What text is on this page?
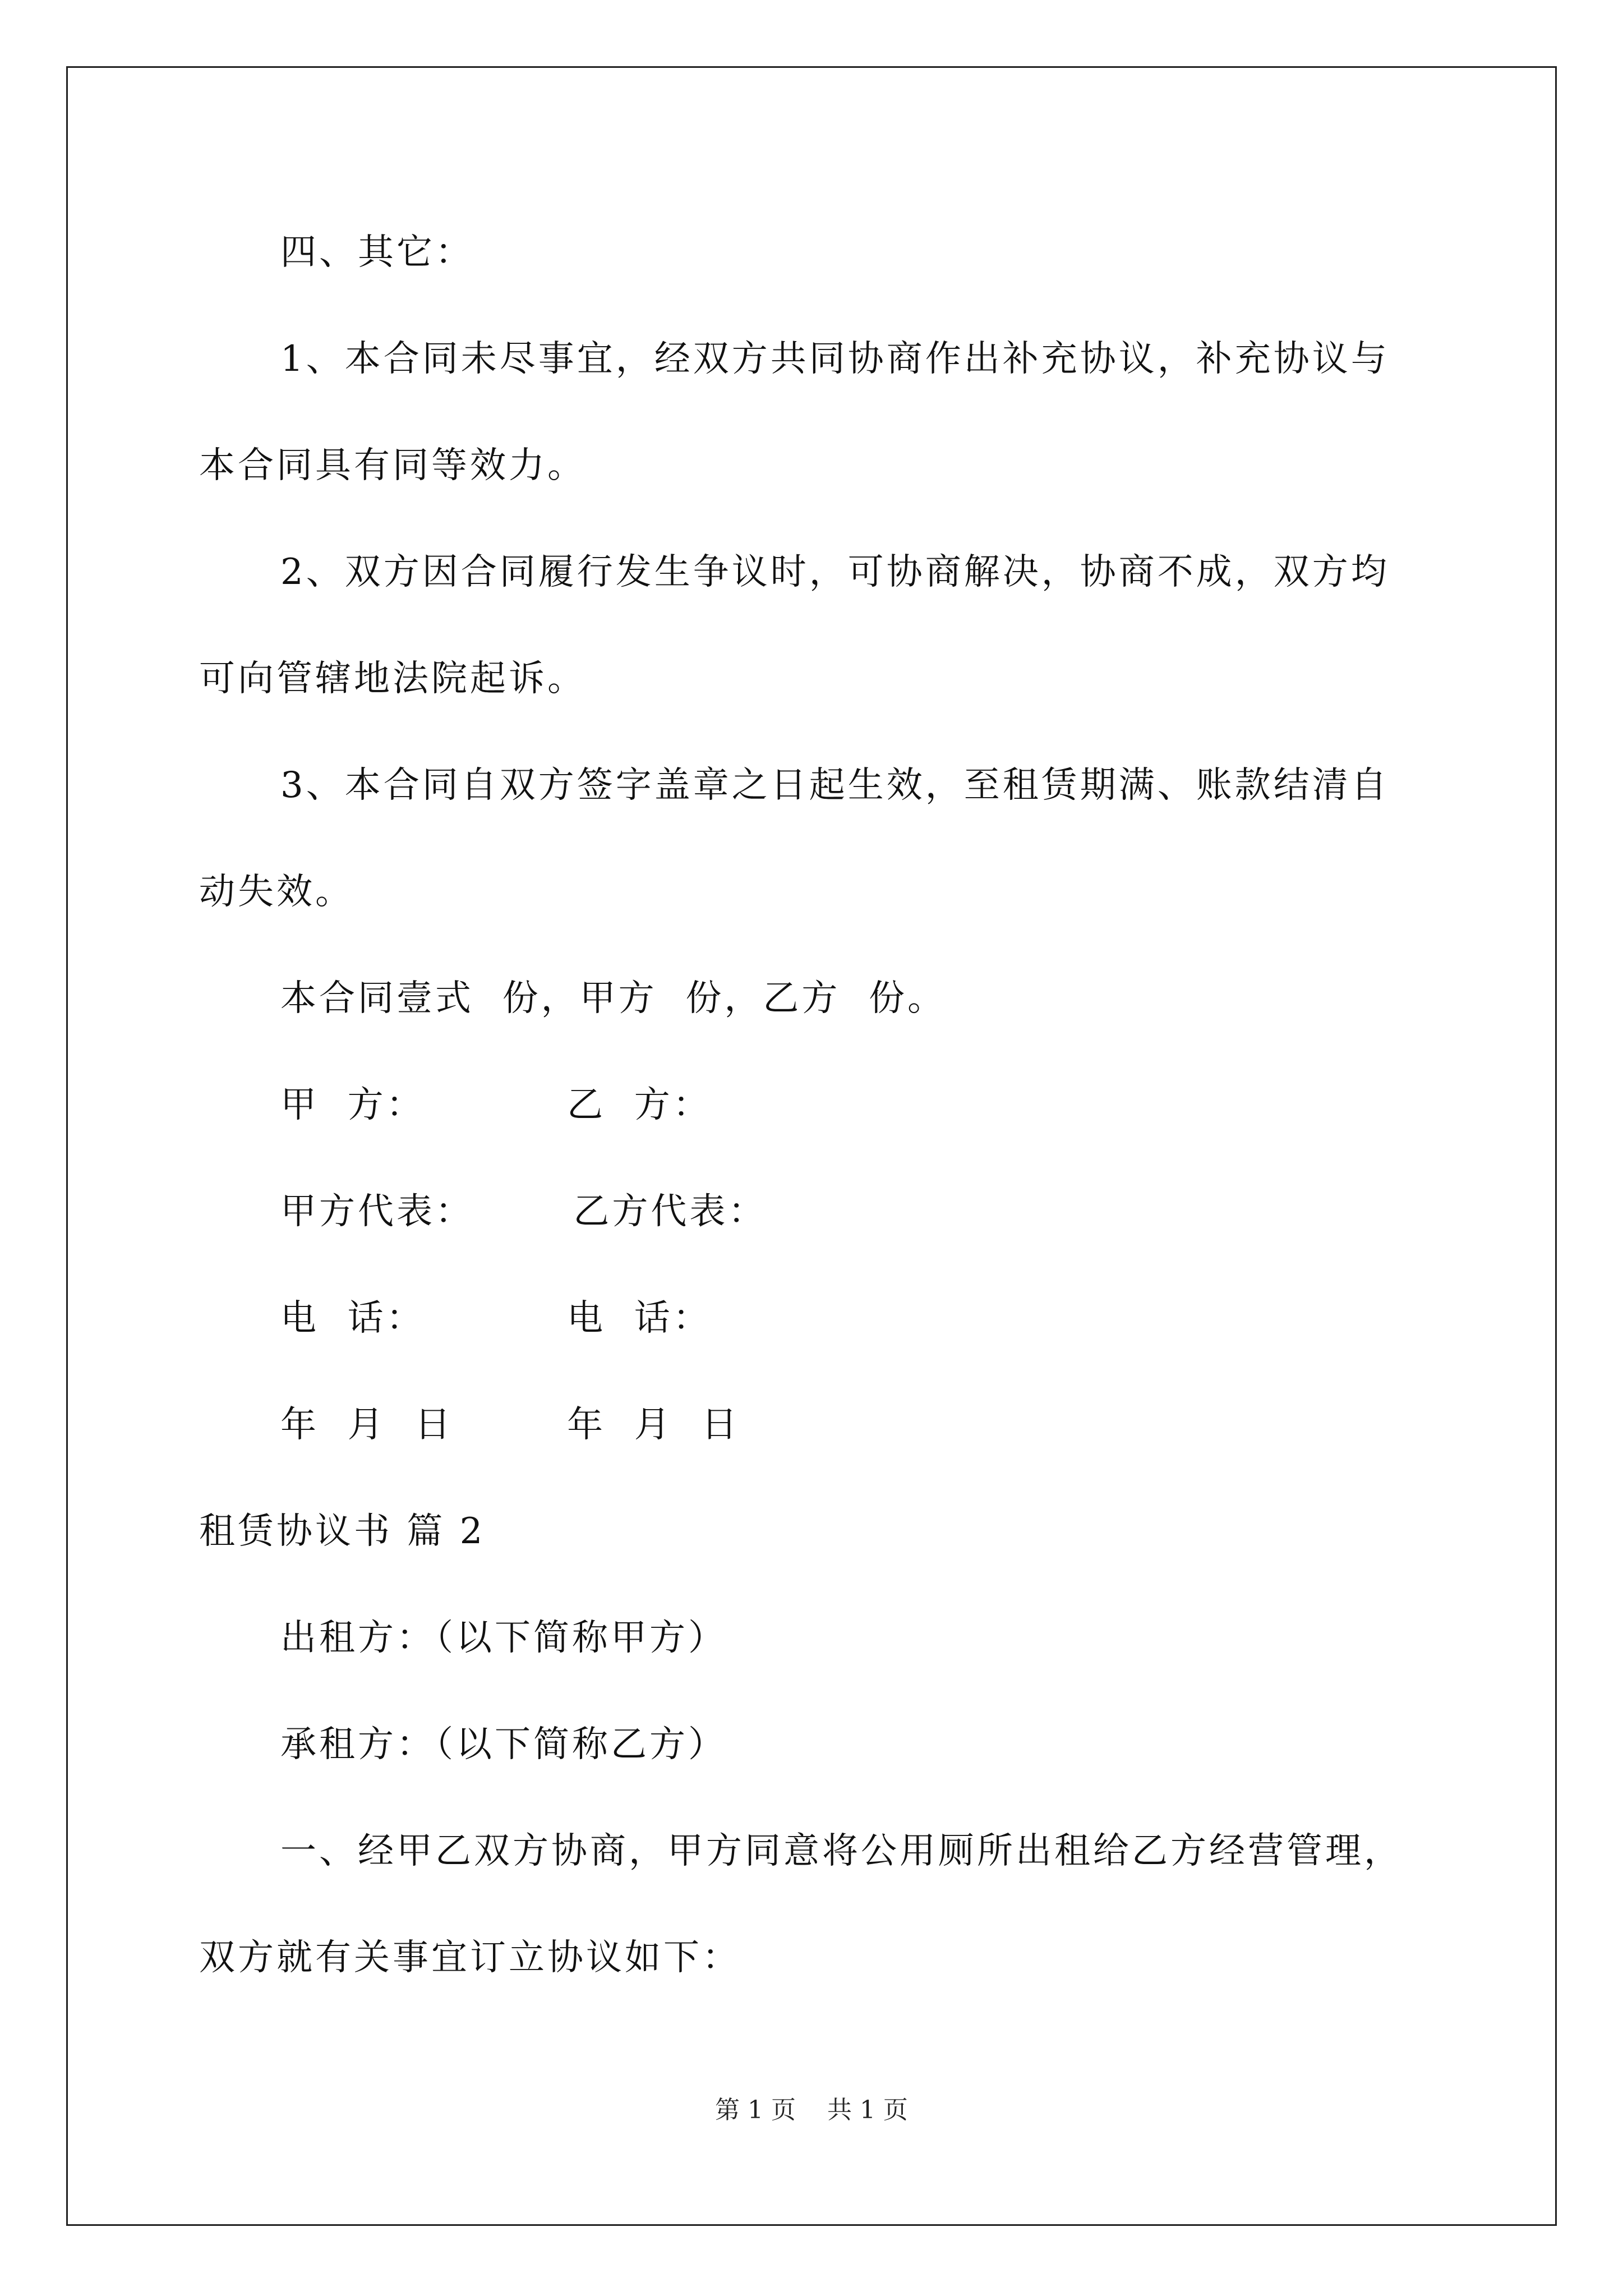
四、其它：
1、本合同未尽事宜，经双方共同协商作出补充协议，补充协议与
本合同具有同等效力。
2、双方因合同履行发生争议时，可协商解决，协商不成，双方均
可向管辖地法院起诉。
3、本合同自双方签字盖章之日起生效，至租赁期满、账款结清自
动失效。
本合同壹式  份，甲方  份，乙方  份。
甲  方：          乙  方：
甲方代表：       乙方代表：
电  话：          电  话：
年  月  日        年  月  日
租赁协议书 篇 2
出租方：（以下简称甲方）
承租方：（以下简称乙方）
一、经甲乙双方协商，甲方同意将公用厕所出租给乙方经营管理，
双方就有关事宜订立协议如下：
第 1 页    共 1 页
